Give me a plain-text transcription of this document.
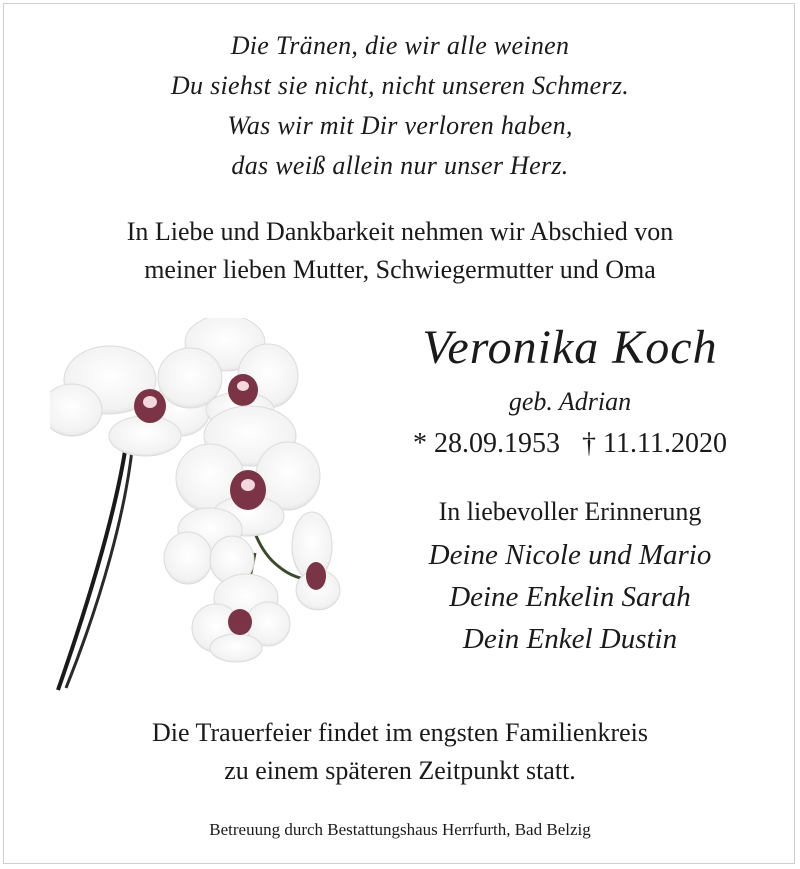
Die Tränen, die wir alle weinen
Du siehst sie nicht, nicht unseren Schmerz.
Was wir mit Dir verloren haben,
das weiß allein nur unser Herz.
In Liebe und Dankbarkeit nehmen wir Abschied von
meiner lieben Mutter, Schwiegermutter und Oma
Veronika Koch
geb. Adrian
* 28.09.1953 † 11.11.2020
In liebevoller Erinnerung
Deine Nicole und Mario
Deine Enkelin Sarah
Dein Enkel Dustin
Die Trauerfeier findet im engsten Familienkreis
zu einem späteren Zeitpunkt statt.
Betreuung durch Bestattungshaus Herrfurth, Bad Belzig
